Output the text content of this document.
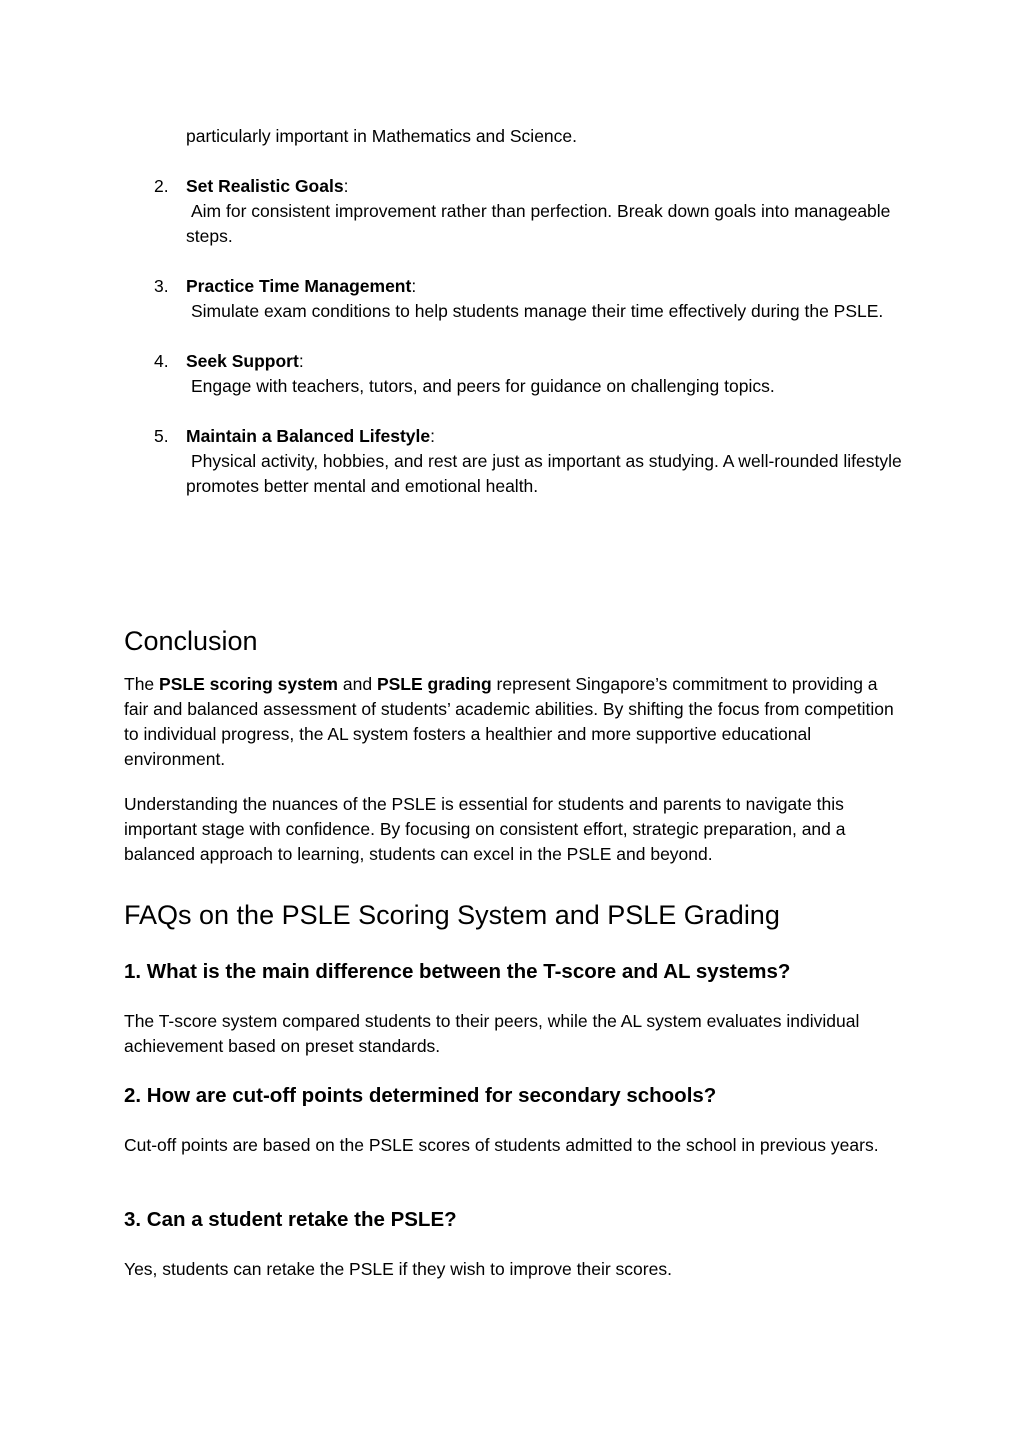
particularly important in Mathematics and Science.

2. Set Realistic Goals:
Aim for consistent improvement rather than perfection. Break down goals into manageable steps.
3. Practice Time Management:
Simulate exam conditions to help students manage their time effectively during the PSLE.
4. Seek Support:
Engage with teachers, tutors, and peers for guidance on challenging topics.
5. Maintain a Balanced Lifestyle:
Physical activity, hobbies, and rest are just as important as studying. A well-rounded lifestyle promotes better mental and emotional health.
Conclusion

The PSLE scoring system and PSLE grading represent Singapore’s commitment to providing a fair and balanced assessment of students’ academic abilities. By shifting the focus from competition to individual progress, the AL system fosters a healthier and more supportive educational environment.

Understanding the nuances of the PSLE is essential for students and parents to navigate this important stage with confidence. By focusing on consistent effort, strategic preparation, and a balanced approach to learning, students can excel in the PSLE and beyond.

FAQs on the PSLE Scoring System and PSLE Grading
1. What is the main difference between the T-score and AL systems?

The T-score system compared students to their peers, while the AL system evaluates individual achievement based on preset standards.

2. How are cut-off points determined for secondary schools?

Cut-off points are based on the PSLE scores of students admitted to the school in previous years.

3. Can a student retake the PSLE?

Yes, students can retake the PSLE if they wish to improve their scores.
